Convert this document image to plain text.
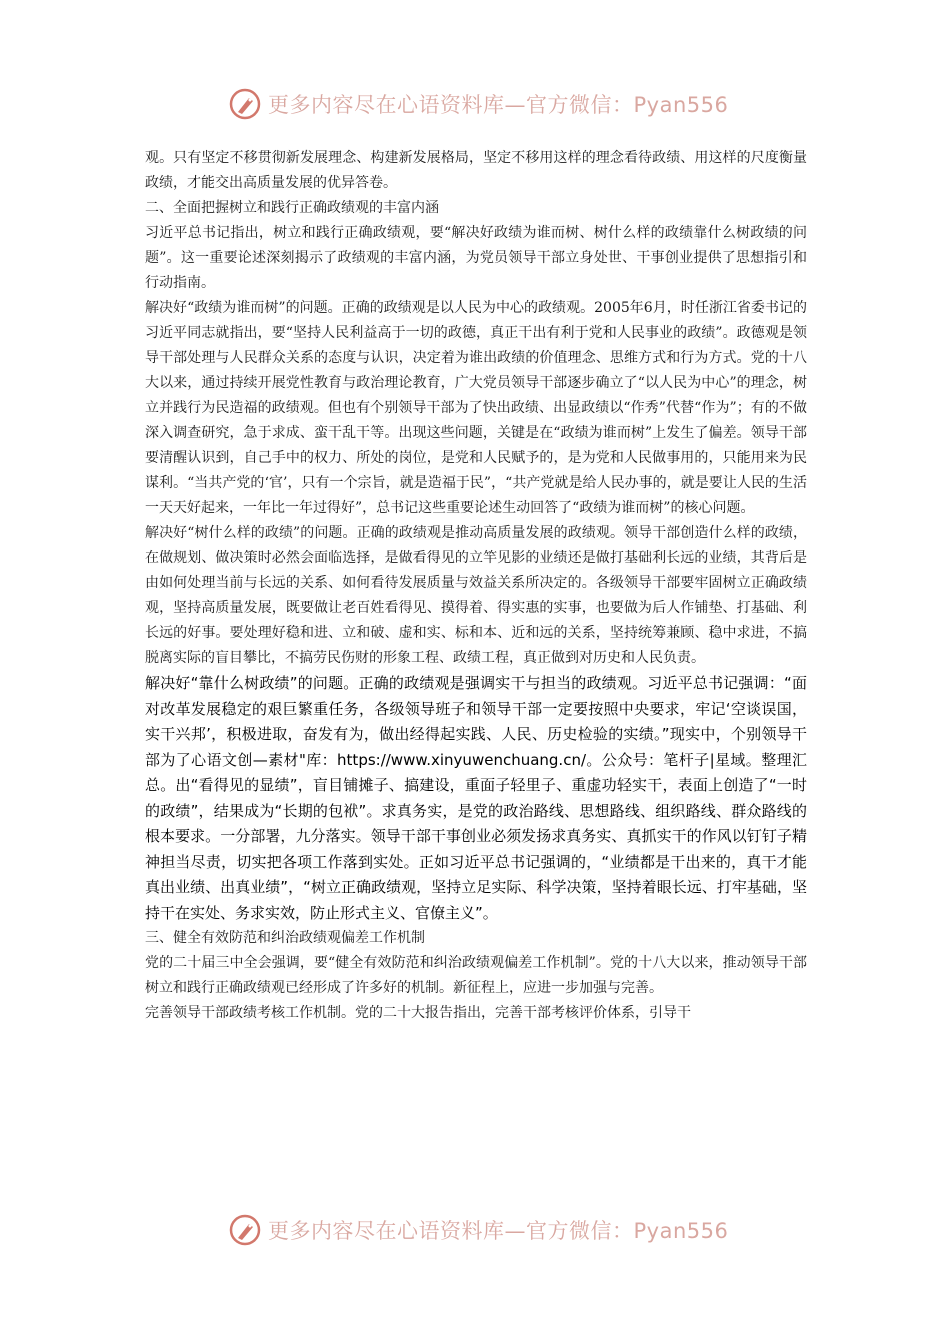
更多内容尽在心语资料库—官方微信：Pyan556

观。只有坚定不移贯彻新发展理念、构建新发展格局，坚定不移用这样的理念看待政绩、用这样的尺度衡量政绩，才能交出高质量发展的优异答卷。

二、全面把握树立和践行正确政绩观的丰富内涵

习近平总书记指出，树立和践行正确政绩观，要“解决好政绩为谁而树、树什么样的政绩靠什么树政绩的问题”。这一重要论述深刻揭示了政绩观的丰富内涵，为党员领导干部立身处世、干事创业提供了思想指引和行动指南。

解决好“政绩为谁而树”的问题。正确的政绩观是以人民为中心的政绩观。2005年6月，时任浙江省委书记的习近平同志就指出，要“坚持人民利益高于一切的政德，真正干出有利于党和人民事业的政绩”。政德观是领导干部处理与人民群众关系的态度与认识，决定着为谁出政绩的价值理念、思维方式和行为方式。党的十八大以来，通过持续开展党性教育与政治理论教育，广大党员领导干部逐步确立了“以人民为中心”的理念，树立并践行为民造福的政绩观。但也有个别领导干部为了快出政绩、出显政绩以“作秀”代替“作为”；有的不做深入调查研究，急于求成、蛮干乱干等。出现这些问题，关键是在“政绩为谁而树”上发生了偏差。领导干部要清醒认识到，自己手中的权力、所处的岗位，是党和人民赋予的，是为党和人民做事用的，只能用来为民谋利。“当共产党的‘官’，只有一个宗旨，就是造福于民”，“共产党就是给人民办事的，就是要让人民的生活一天天好起来，一年比一年过得好”，总书记这些重要论述生动回答了“政绩为谁而树”的核心问题。

解决好“树什么样的政绩”的问题。正确的政绩观是推动高质量发展的政绩观。领导干部创造什么样的政绩，在做规划、做决策时必然会面临选择，是做看得见的立竿见影的业绩还是做打基础利长远的业绩，其背后是由如何处理当前与长远的关系、如何看待发展质量与效益关系所决定的。各级领导干部要牢固树立正确政绩观，坚持高质量发展，既要做让老百姓看得见、摸得着、得实惠的实事，也要做为后人作铺垫、打基础、利长远的好事。要处理好稳和进、立和破、虚和实、标和本、近和远的关系，坚持统筹兼顾、稳中求进，不搞脱离实际的盲目攀比，不搞劳民伤财的形象工程、政绩工程，真正做到对历史和人民负责。

解决好“靠什么树政绩”的问题。正确的政绩观是强调实干与担当的政绩观。习近平总书记强调：“面对改革发展稳定的艰巨繁重任务，各级领导班子和领导干部一定要按照中央要求，牢记‘空谈误国，实干兴邦’，积极进取，奋发有为，做出经得起实践、人民、历史检验的实绩。”现实中，个别领导干部为了心语文创—素材"库：https://www.xinyuwenchuang.cn/。公众号：笔杆子|星域。整理汇总。出“看得见的显绩”，盲目铺摊子、搞建设，重面子轻里子、重虚功轻实干，表面上创造了“一时的政绩”，结果成为“长期的包袱”。求真务实，是党的政治路线、思想路线、组织路线、群众路线的根本要求。一分部署，九分落实。领导干部干事创业必须发扬求真务实、真抓实干的作风以钉钉子精神担当尽责，切实把各项工作落到实处。正如习近平总书记强调的，“业绩都是干出来的，真干才能真出业绩、出真业绩”，“树立正确政绩观，坚持立足实际、科学决策，坚持着眼长远、打牢基础，坚持干在实处、务求实效，防止形式主义、官僚主义”。

三、健全有效防范和纠治政绩观偏差工作机制

党的二十届三中全会强调，要“健全有效防范和纠治政绩观偏差工作机制”。党的十八大以来，推动领导干部树立和践行正确政绩观已经形成了许多好的机制。新征程上，应进一步加强与完善。

完善领导干部政绩考核工作机制。党的二十大报告指出，完善干部考核评价体系，引导干

更多内容尽在心语资料库—官方微信：Pyan556
